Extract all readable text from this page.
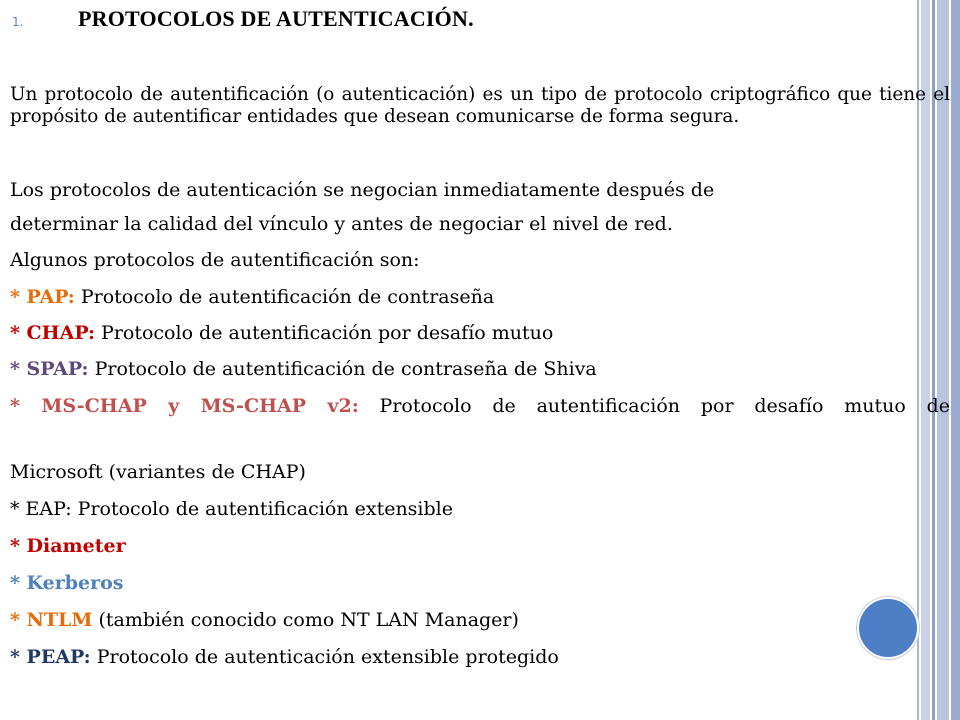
1.	PROTOCOLOS DE AUTENTICACIÓN.
Un protocolo de autentificación (o autenticación) es un tipo de protocolo criptográfico que tiene el propósito de autentificar entidades que desean comunicarse de forma segura.
Los protocolos de autenticación se negocian inmediatamente después de
determinar la calidad del vínculo y antes de negociar el nivel de red.
Algunos protocolos de autentificación son:
* PAP: Protocolo de autentificación de contraseña
* CHAP: Protocolo de autentificación por desafío mutuo
* SPAP: Protocolo de autentificación de contraseña de Shiva
* MS-CHAP y MS-CHAP v2: Protocolo de autentificación por desafío mutuo de
Microsoft (variantes de CHAP)
* EAP: Protocolo de autentificación extensible
* Diameter
* Kerberos
* NTLM (también conocido como NT LAN Manager)
* PEAP: Protocolo de autenticación extensible protegido
